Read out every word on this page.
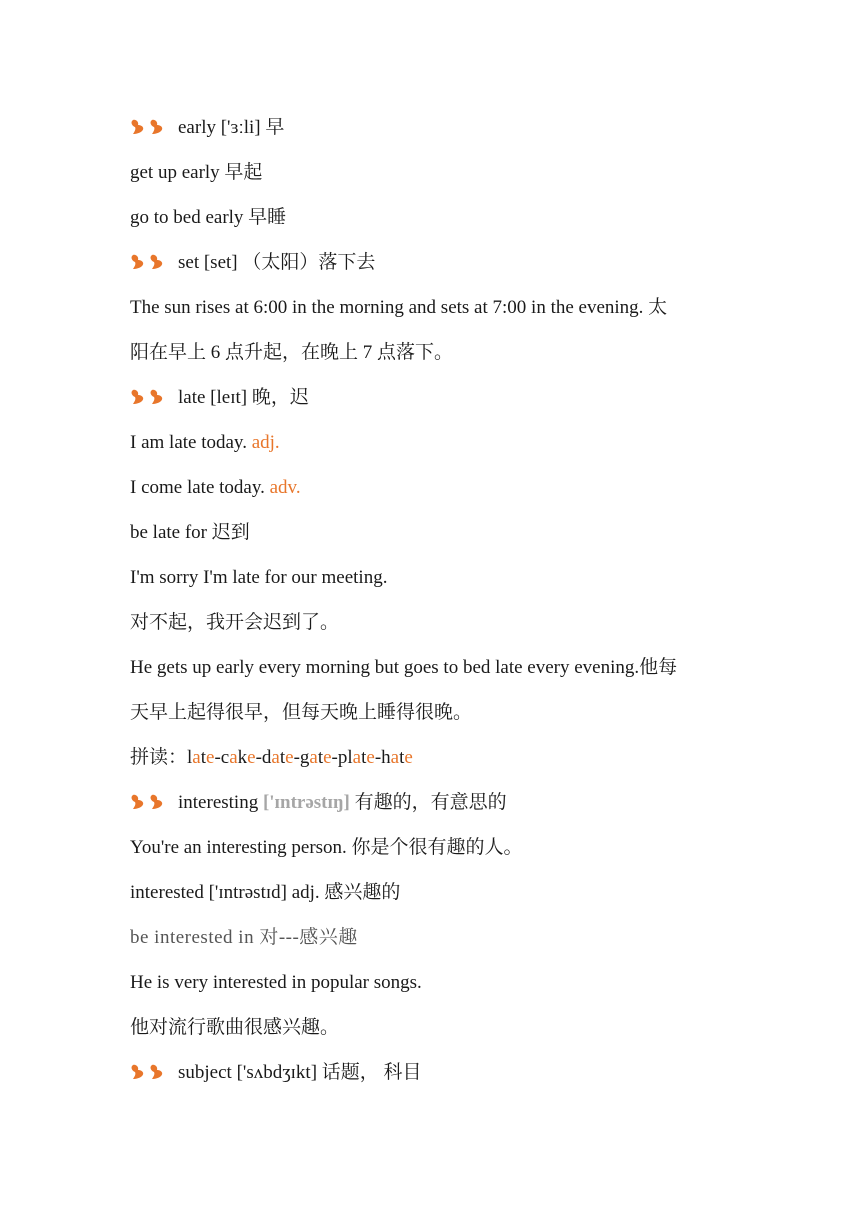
early ['ɜːli] 早
get up early 早起
go to bed early 早睡
set [set] （太阳）落下去
The sun rises at 6:00 in the morning and sets at 7:00 in the evening. 太
阳在早上 6 点升起，在晚上 7 点落下。
late [leɪt] 晚，迟
I am late today. adj.
I come late today. adv.
be late for 迟到
I'm sorry I'm late for our meeting.
对不起，我开会迟到了。
He gets up early every morning but goes to bed late every evening.他每
天早上起得很早，但每天晚上睡得很晚。
拼读：late-cake-date-gate-plate-hate
interesting ['ɪntrəstɪŋ] 有趣的，有意思的
You're an interesting person. 你是个很有趣的人。
interested ['ɪntrəstɪd] adj. 感兴趣的
be interested in 对---感兴趣
He is very interested in popular songs.
他对流行歌曲很感兴趣。
subject ['sʌbdʒɪkt] 话题， 科目
